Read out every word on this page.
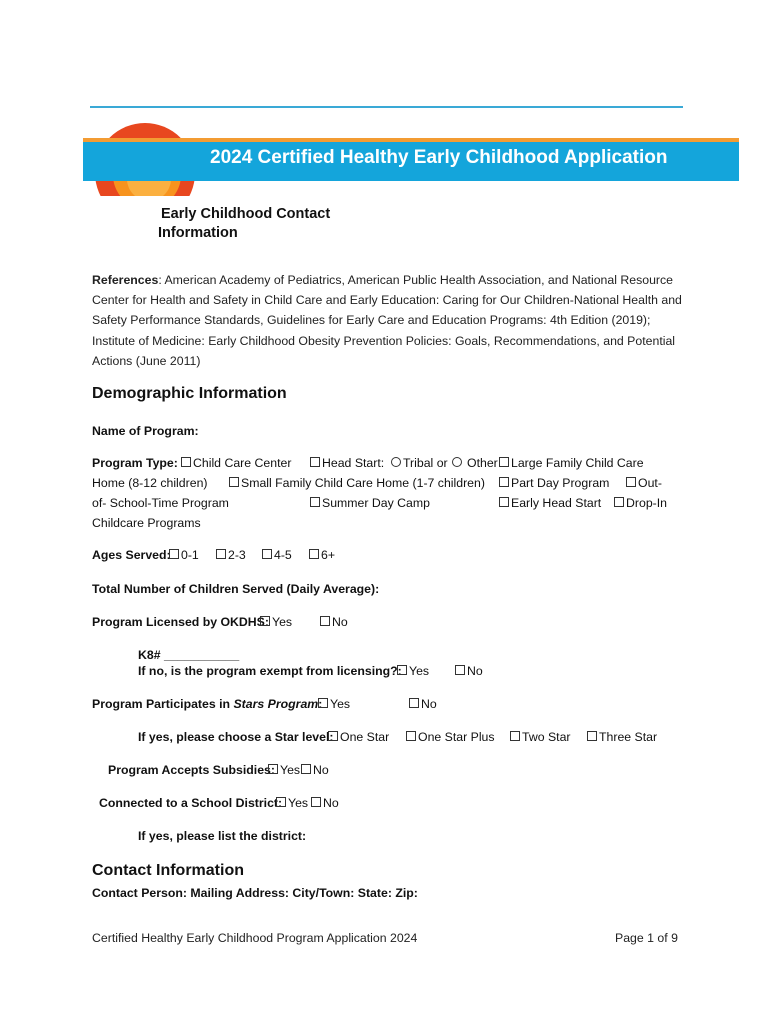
2024 Certified Healthy Early Childhood Application
Early Childhood Contact
Information
References: American Academy of Pediatrics, American Public Health Association, and National Resource Center for Health and Safety in Child Care and Early Education: Caring for Our Children-National Health and Safety Performance Standards, Guidelines for Early Care and Education Programs: 4th Edition (2019); Institute of Medicine: Early Childhood Obesity Prevention Policies: Goals, Recommendations, and Potential Actions (June 2011)
Demographic Information
Name of Program:
Program Type:	Child Care Center	Head Start:	Tribal or	Other	Large Family Child Care
Home (8-12 children)	Small Family Child Care Home (1-7 children)	Part Day Program	Out-
of- School-Time Program	Summer Day Camp	Early Head Start	Drop-In
Childcare Programs
Ages Served: 0-1	2-3	4-5	6+
Total Number of Children Served (Daily Average):
Program Licensed by OKDHS: Yes	No
K8# ___________
If no, is the program exempt from licensing?: Yes	No
Program Participates in Stars Program: Yes	No
If yes, please choose a Star level: One Star	One Star Plus	Two Star	Three Star
Program Accepts Subsidies: Yes	No
Connected to a School District: Yes	No
If yes, please list the district:
Contact Information
Contact Person: Mailing Address: City/Town: State: Zip:
Certified Healthy Early Childhood Program Application 2024	Page 1 of 9
